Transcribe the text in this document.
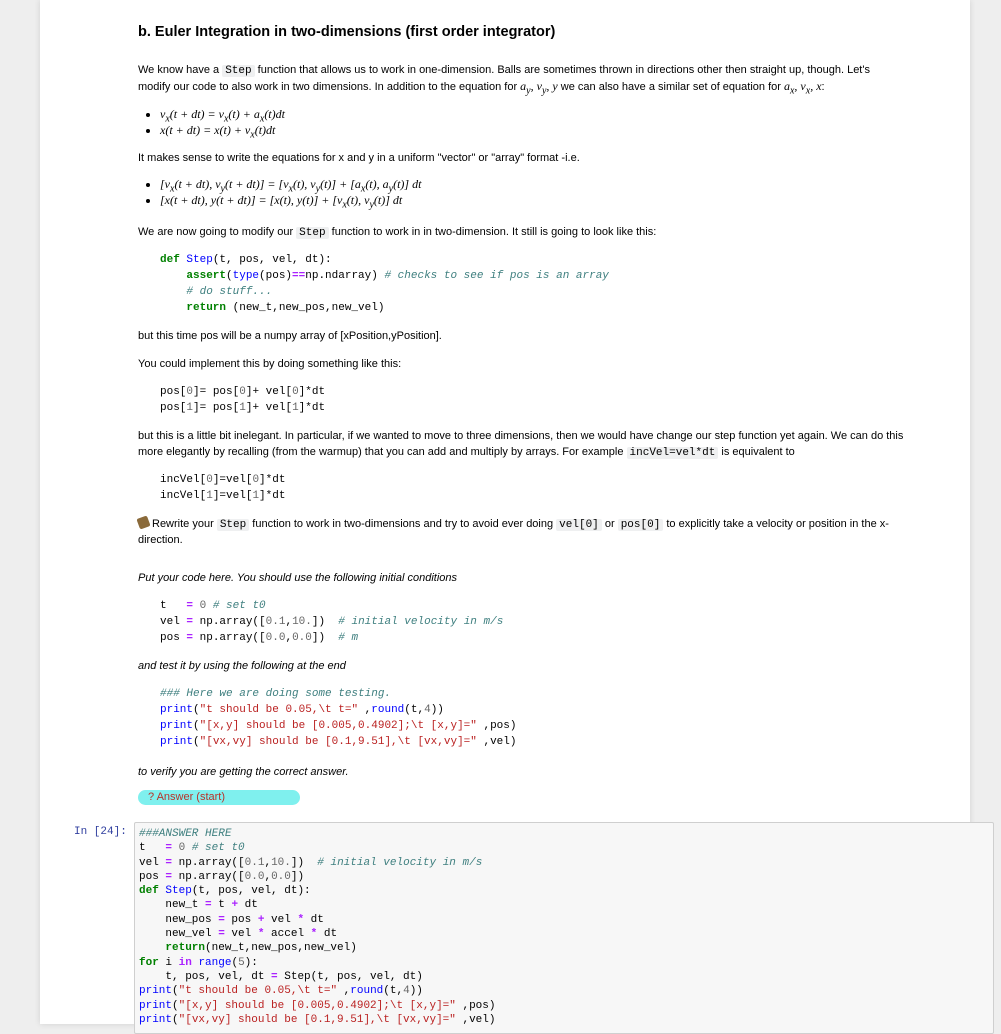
b. Euler Integration in two-dimensions (first order integrator)

We know have a Step function that allows us to work in one-dimension. Balls are sometimes thrown in directions other then straight up, though. Let's

modify our code to also work in two dimensions. In addition to the equation for $a_y$, $v_y$, y we can also have a similar set of equation for $a_x$, $v_x$, x:

• $v_x(t + dt) = v_x(t) + a_x(t)dt$
• $x(t + dt) = x(t) + v_x(t)dt$

It makes sense to write the equations for x and y in a uniform "vector" or "array" format -i.e.

• [$v_x(t + dt)$, $v_y(t + dt)] = [v_x(t)$, $v_y(t)] + [a_x(t)$, $a_y(t)$] dt
• [x(t + dt), y(t + dt)] = [x(t), $y(t)] + [v_x(t)$, $v_y(t)$] dt

We are now going to modify our Step function to work in in two-dimension. It still is going to look like this:

def Step(t, pos, vel, dt):
assert(type(pos)==np.ndarray) # checks to see if pos is an array
# do stuff...
return (new_t,new_pos,new_vel)

but this time pos will be a numpy array of [xPosition,yPosition].

You could implement this by doing something like this:

pos[0]= pos[0]+ vel[0]*dt
pos[1]= pos[1]+ vel[1]*dt

but this is a little bit inelegant. In particular, if we wanted to move to three dimensions, then we would have change our step function yet again. We can do this

more elegantly by recalling (from the warmup) that you can add and multiply by arrays. For example incVel=vel*dt is equivalent to

incVel[0]=vel[0]*dt
incVel[1]=vel[1]*dt

Rewrite your Step function to work in two-dimensions and try to avoid ever doing vel[0] or pos[0] to explicitly take a velocity or position in the x-

direction.

Put your code here. You should use the following initial conditions

t   = 0 # set t0
vel = np.array([0.1,10.])  # initial velocity in m/s
pos = np.array([0.0,0.0])  # m

and test it by using the following at the end

### Here we are doing some testing.
print("t should be 0.05,\t t=" ,round(t,4))
print("[x,y] should be [0.005,0.4902];\t [x,y]=" ,pos)
print("[vx,vy] should be [0.1,9.51],\t [vx,vy]=" ,vel)

to verify you are getting the correct answer.

? Answer (start)
In [24]: ###ANSWER HERE
t   = 0 # set t0
vel = np.array([0.1,10.])  # initial velocity in m/s
pos = np.array([0.0,0.0])
def Step(t, pos, vel, dt):
new_t = t + dt
new_pos = pos + vel * dt
new_vel = vel * accel * dt
return(new_t,new_pos,new_vel)
for i in range(5):
t, pos, vel, dt = Step(t, pos, vel, dt)
print("t should be 0.05,\t t=" ,round(t,4))
print("[x,y] should be [0.005,0.4902];\t [x,y]=" ,pos)
print("[vx,vy] should be [0.1,9.51],\t [vx,vy]=" ,vel)
